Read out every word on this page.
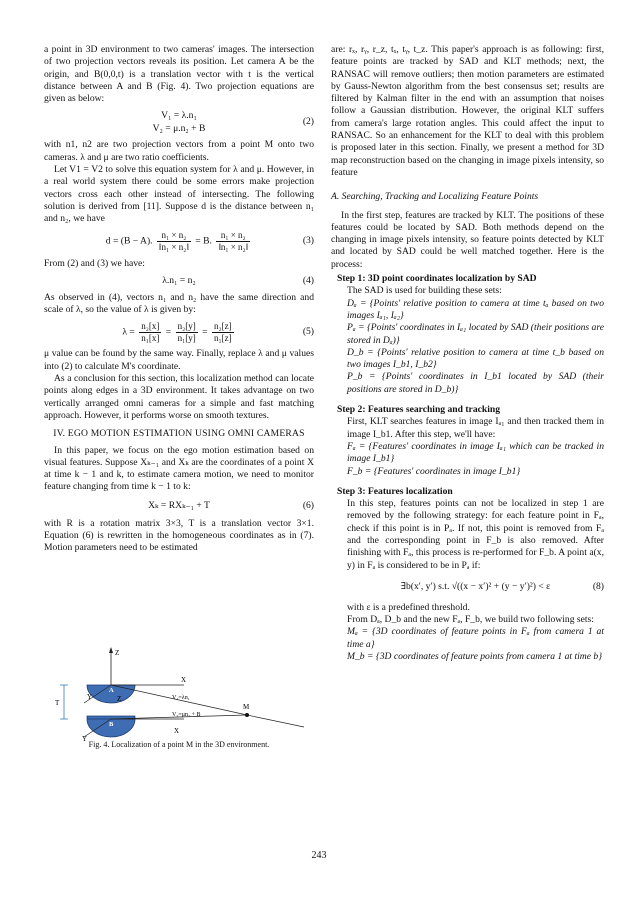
a point in 3D environment to two cameras' images. The intersection of two projection vectors reveals its position. Let camera A be the origin, and B(0,0,t) is a translation vector with t is the vertical distance between A and B (Fig. 4). Two projection equations are given as below:

V₁ = λ.n₁
V₂ = μ.n₂ + B
(2)

with n1, n2 are two projection vectors from a point M onto two cameras. λ and μ are two ratio coefficients.

Let V1 = V2 to solve this equation system for λ and μ. However, in a real world system there could be some errors make projection vectors cross each other instead of intersecting. The following solution is derived from [11]. Suppose d is the distance between n₁ and n₂, we have

d = (B − A). $\frac{\text{n₁ × n₂}}{\text{‖n₁ × n₂‖}} = B$. $\frac{\text{n₁ × n₂}}{\text{‖n₁ × n₂‖}}$	(3)

From (2) and (3) we have:

λ.n₁ = n₂	(4)

As observed in (4), vectors n₁ and n₂ have the same direction and scale of λ, so the value of λ is given by:

$\lambda = \frac{\text{n₂[x]}}{\text{n₁[x]}} = \frac{\text{n₂[y]}}{\text{n₁[y]}} = \frac{\text{n₂[z]}}{\text{n₁[z]}}$	(5)

μ value can be found by the same way. Finally, replace λ and μ values into (2) to calculate M's coordinate.

As a conclusion for this section, this localization method can locate points along edges in a 3D environment. It takes advantage on two vertically arranged omni cameras for a simple and fast matching approach. However, it performs worse on smooth textures.

IV. EGO MOTION ESTIMATION USING OMNI CAMERAS

In this paper, we focus on the ego motion estimation based on visual features. Suppose Xₖ₋₁ and Xₖ are the coordinates of a point X at time k − 1 and k, to estimate camera motion, we need to monitor feature changing from time k − 1 to k:

Xₖ = RXₖ₋₁ + T	(6)

with R is a rotation matrix 3×3, T is a translation vector 3×1. Equation (6) is rewritten in the homogeneous coordinates as in (7). Motion parameters need to be estimated

Z
X
Y
A
Z
T
B
Y
X
M
V₁=λn₁
V₂=μn₂ + B
Fig. 4. Localization of a point M in the 3D environment.

are: rₓ, rᵧ, r_z, tₓ, tᵧ, t_z. This paper's approach is as following: first, feature points are tracked by SAD and KLT methods; next, the RANSAC will remove outliers; then motion parameters are estimated by Gauss-Newton algorithm from the best consensus set; results are filtered by Kalman filter in the end with an assumption that noises follow a Gaussian distribution. However, the original KLT suffers from camera's large rotation angles. This could affect the input to RANSAC. So an enhancement for the KLT to deal with this problem is proposed later in this section. Finally, we present a method for 3D map reconstruction based on the changing in image pixels intensity, so feature

A. Searching, Tracking and Localizing Feature Points

In the first step, features are tracked by KLT. The positions of these features could be located by SAD. Both methods depend on the changing in image pixels intensity, so feature points detected by KLT and located by SAD could be well matched together. Here is the process:

Step 1: 3D point coordinates localization by SAD
The SAD is used for building these sets:
Dₐ = {Points' relative position to camera at time tₐ based on two images Iₐ₁, Iₐ₂}
Pₐ = {Points' coordinates in Iₐ₁ located by SAD (their positions are stored in Dₐ)}
D_b = {Points' relative position to camera at time t_b based on two images I_b1, I_b2}
P_b = {Points' coordinates in I_b1 located by SAD (their positions are stored in D_b)}
Step 2: Features searching and tracking
First, KLT searches features in image Iₐ₁ and then tracked them in image I_b1. After this step, we'll have:
Fₐ = {Features' coordinates in image Iₐ₁ which can be tracked in image I_b1}
F_b = {Features' coordinates in image I_b1}
Step 3: Features localization
In this step, features points can not be localized in step 1 are removed by the following strategy: for each feature point in Fₐ, check if this point is in Pₐ. If not, this point is removed from Fₐ and the corresponding point in F_b is also removed. After finishing with Fₐ, this process is re-performed for F_b. A point a(x, y) in Fₐ is considered to be in Pₐ if:
∃b(x′, y′) s.t. √((x − x′)² + (y − y′)²) < ε	(8)
with ε is a predefined threshold.
From Dₐ, D_b and the new Fₐ, F_b, we build two following sets:
Mₐ = {3D coordinates of feature points in Fₐ from camera 1 at time a}
M_b = {3D coordinates of feature points from camera 1 at time b}
243
